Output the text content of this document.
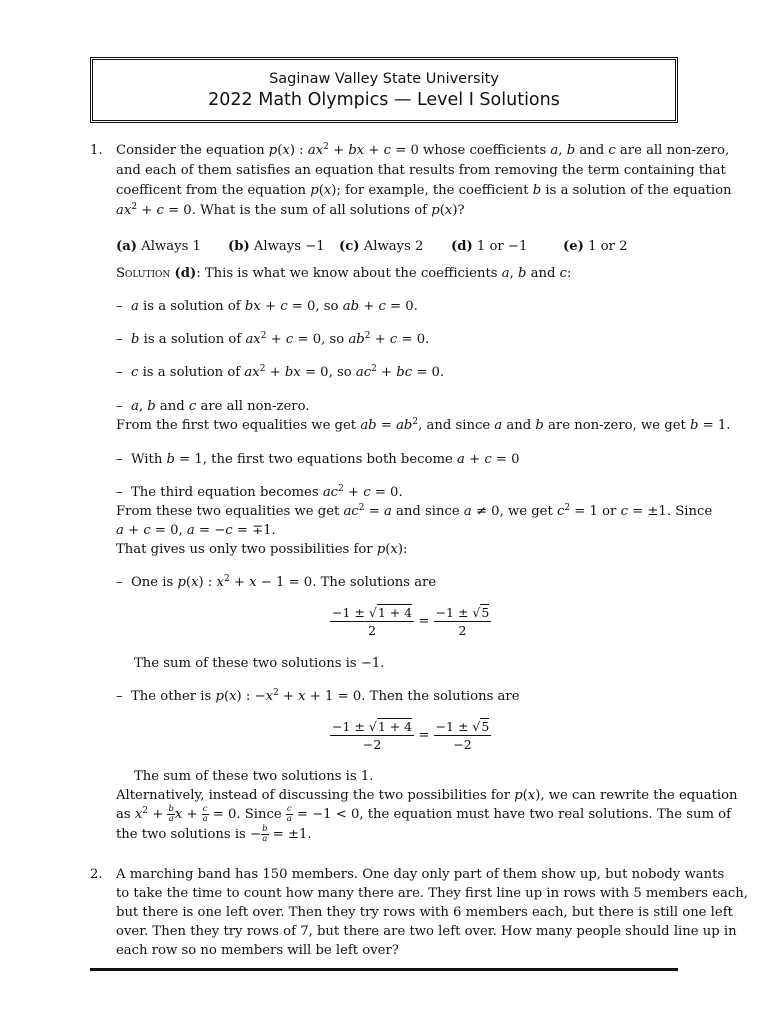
Saginaw Valley State University
2022 Math Olympics — Level I Solutions
1. Consider the equation p(x) : $ax^2$ + bx + c = 0 whose coefficients a, b and c are all non-zero,
and each of them satisfies an equation that results from removing the term containing that
coefficent from the equation p(x); for example, the coefficient b is a solution of the equation
$ax^2 + c = 0$. What is the sum of all solutions of p(x)?
(a) Always 1 (b) Always −1 (c) Always 2 (d) 1 or −1	(e) 1 or 2
Solution (d): This is what we know about the coefficients a, b and c:
– a is a solution of bx + c = 0, so ab + c = 0.
– b is a solution of $ax^2 + c = 0$, so $ab^2 + c = 0$.
– c is a solution of $ax^2$ + bx = 0, so $ac^2$ + bc = 0.
– a, b and c are all non-zero.
From the first two equalities we get ab = $ab^2$, and since a and b are non-zero, we get b = 1.
– With b = 1, the first two equations both become a + c = 0
– The third equation becomes $ac^2 + c = 0$.
From these two equalities we get $ac^2 = a$ and since a ≠ 0, we get $c^2 = 1$ or c = ±1. Since
a + c = 0, a = −c = ∓1.
That gives us only two possibilities for p(x):
– One is p(x) : $x^2 + x - 1 = 0$. The solutions are
$\frac{-1 \pm √1 + 4}{2} = \frac{-1 \pm √5}{2}$
The sum of these two solutions is −1.
– The other is p(x) : $-x^2 + x + 1 = 0$. Then the solutions are
$\frac{-1 \pm √1 + 4}{-2} = \frac{-1 \pm √5}{-2}$
The sum of these two solutions is 1.
Alternatively, instead of discussing the two possibilities for p(x), we can rewrite the equation
as $x^2 + \frac{b}{a}$ $x + \frac{c}{a} = 0$. Since $\frac{c}{a} = -1 < 0$, the equation must have two real solutions. The sum of
the two solutions is − $\frac{b}{a} = \pm 1$.
2. A marching band has 150 members. One day only part of them show up, but nobody wants
to take the time to count how many there are. They first line up in rows with 5 members each,
but there is one left over. Then they try rows with 6 members each, but there is still one left
over. Then they try rows of 7, but there are two left over. How many people should line up in
each row so no members will be left over?
